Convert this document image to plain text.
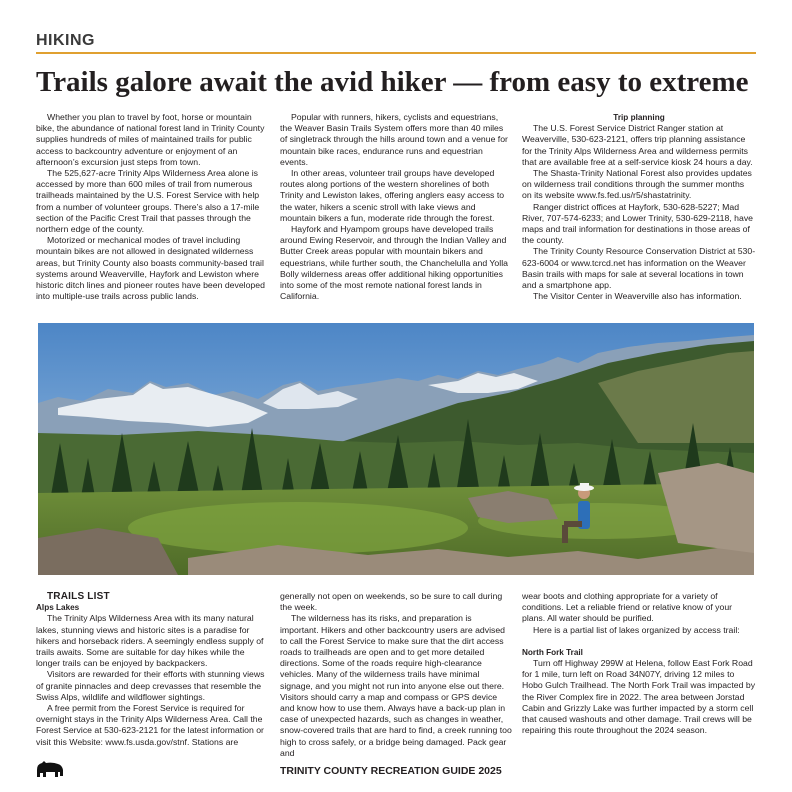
HIKING
Trails galore await the avid hiker — from easy to extreme

Whether you plan to travel by foot, horse or mountain bike, the abundance of national forest land in Trinity County supplies hundreds of miles of maintained trails for public access to backcountry adventure or enjoyment of an afternoon’s excursion just steps from town.

The 525,627-acre Trinity Alps Wilderness Area alone is accessed by more than 600 miles of trail from numerous trailheads maintained by the U.S. Forest Service with help from a number of volunteer groups. There’s also a 17-mile section of the Pacific Crest Trail that passes through the northern edge of the county.

Motorized or mechanical modes of travel including mountain bikes are not allowed in designated wilderness areas, but Trinity County also boasts community-based trail systems around Weaverville, Hayfork and Lewiston where historic ditch lines and pioneer routes have been developed into multiple-use trails across public lands.

Popular with runners, hikers, cyclists and equestrians, the Weaver Basin Trails System offers more than 40 miles of singletrack through the hills around town and a venue for mountain bike races, endurance runs and equestrian events.

In other areas, volunteer trail groups have developed routes along portions of the western shorelines of both Trinity and Lewiston lakes, offering anglers easy access to the water, hikers a scenic stroll with lake views and mountain bikers a fun, moderate ride through the forest.

Hayfork and Hyampom groups have developed trails around Ewing Reservoir, and through the Indian Valley and Butter Creek areas popular with mountain bikers and equestrians, while further south, the Chanchelulla and Yolla Bolly wilderness areas offer additional hiking opportunities into some of the most remote national forest lands in California.

Trip planning

The U.S. Forest Service District Ranger station at Weaverville, 530-623-2121, offers trip planning assistance for the Trinity Alps Wilderness Area and wilderness permits that are available free at a self-service kiosk 24 hours a day.

The Shasta-Trinity National Forest also provides updates on wilderness trail conditions through the summer months on its website www.fs.fed.us/r5/shastatrinity.

Ranger district offices at Hayfork, 530-628-5227; Mad River, 707-574-6233; and Lower Trinity, 530-629-2118, have maps and trail information for destinations in those areas of the county.

The Trinity County Resource Conservation District at 530-623-6004 or www.tcrcd.net has information on the Weaver Basin trails with maps for sale at several locations in town and a smartphone app.

The Visitor Center in Weaverville also has information.

TRAILS LIST

Alps Lakes

The Trinity Alps Wilderness Area with its many natural lakes, stunning views and historic sites is a paradise for hikers and horseback riders. A seemingly endless supply of trails awaits. Some are suitable for day hikes while the longer trails can be enjoyed by backpackers.

Visitors are rewarded for their efforts with stunning views of granite pinnacles and deep crevasses that resemble the Swiss Alps, wildlife and wildflower sightings.

A free permit from the Forest Service is required for overnight stays in the Trinity Alps Wilderness Area. Call the Forest Service at 530-623-2121 for the latest information or visit this Website: www.fs.usda.gov/stnf. Stations are

generally not open on weekends, so be sure to call during the week.

The wilderness has its risks, and preparation is important. Hikers and other backcountry users are advised to call the Forest Service to make sure that the dirt access roads to trailheads are open and to get more detailed directions. Some of the roads require high-clearance vehicles. Many of the wilderness trails have minimal signage, and you might not run into anyone else out there. Visitors should carry a map and compass or GPS device and know how to use them. Always have a back-up plan in case of unexpected hazards, such as changes in weather, snow-covered trails that are hard to find, a creek running too high to cross safely, or a bridge being damaged. Pack gear and

wear boots and clothing appropriate for a variety of conditions. Let a reliable friend or relative know of your plans. All water should be purified.

Here is a partial list of lakes organized by access trail:

North Fork Trail

Turn off Highway 299W at Helena, follow East Fork Road for 1 mile, turn left on Road 34N07Y, driving 12 miles to Hobo Gulch Trailhead. The North Fork Trail was impacted by the River Complex fire in 2022. The area between Jorstad Cabin and Grizzly Lake was further impacted by a storm cell that caused washouts and other damage. Trail crews will be repairing this route throughout the 2024 season.

TRINITY COUNTY RECREATION GUIDE 2025
